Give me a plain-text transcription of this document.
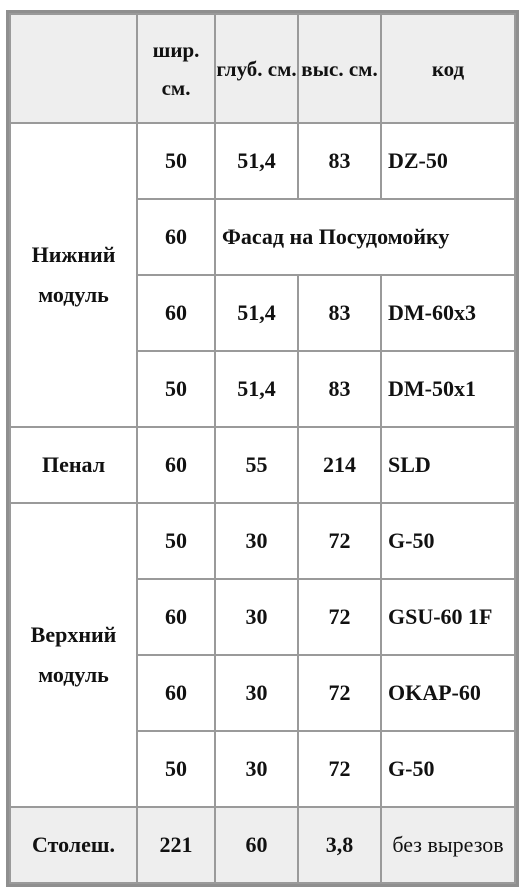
	шир. см.	глуб. см.	выс. см.	код
Нижний модуль	50	51,4	83	DZ-50
	60	Фасад на Посудомойку		
	60	51,4	83	DM-60x3
	50	51,4	83	DM-50x1
Пенал	60	55	214	SLD
Верхний модуль	50	30	72	G-50
	60	30	72	GSU-60 1F
	60	30	72	OKAP-60
	50	30	72	G-50
Столеш.	221	60	3,8	без вырезов
